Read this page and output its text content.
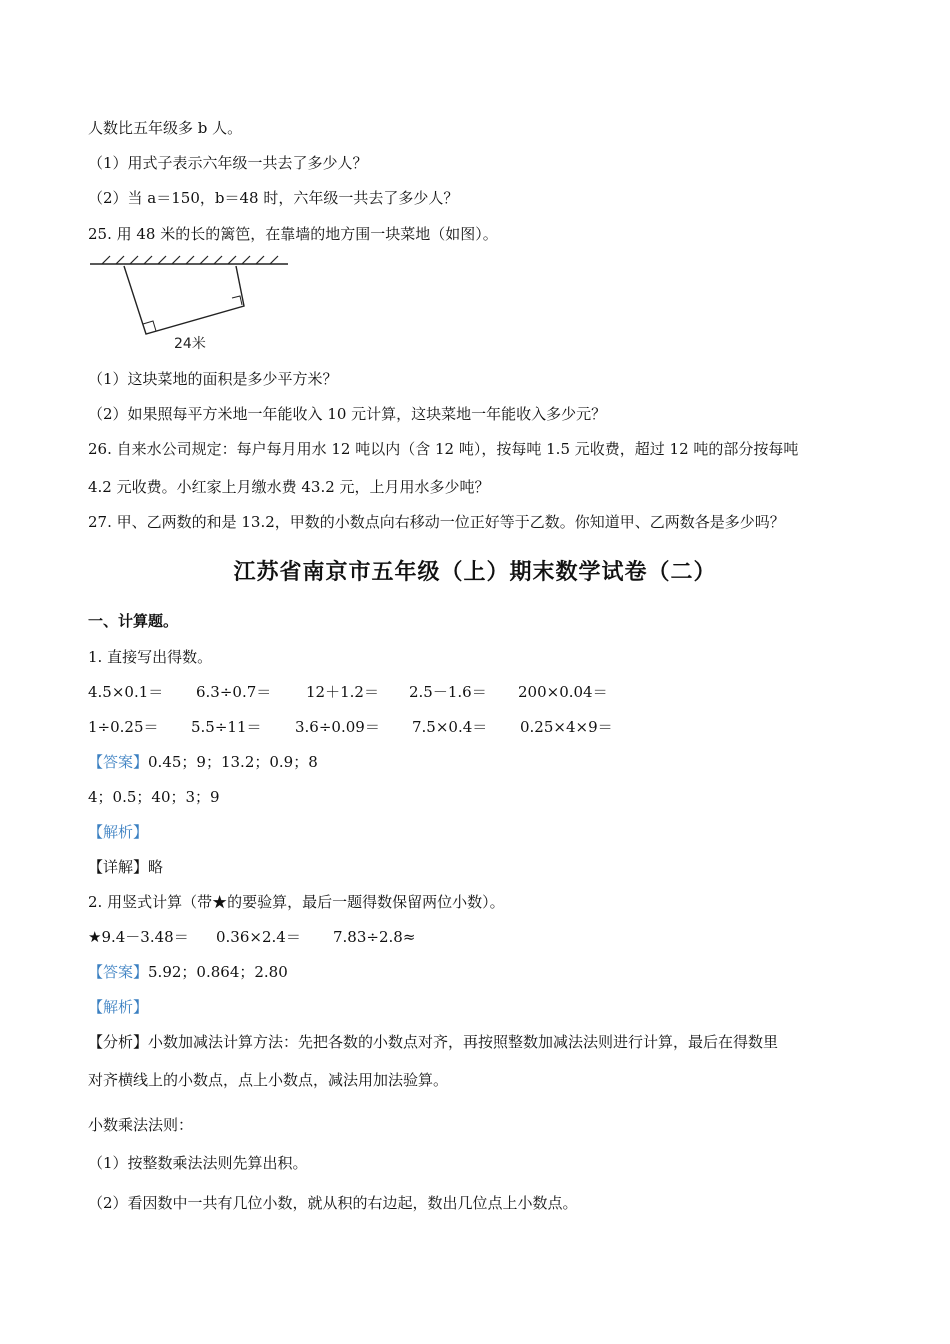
人数比五年级多 b 人。
（1）用式子表示六年级一共去了多少人？
（2）当 a＝150，b＝48 时，六年级一共去了多少人？
25. 用 48 米的长的篱笆，在靠墙的地方围一块菜地（如图）。
24米
（1）这块菜地的面积是多少平方米？
（2）如果照每平方米地一年能收入 10 元计算，这块菜地一年能收入多少元？
26. 自来水公司规定：每户每月用水 12 吨以内（含 12 吨），按每吨 1.5 元收费，超过 12 吨的部分按每吨
4.2 元收费。小红家上月缴水费 43.2 元，上月用水多少吨？
27. 甲、乙两数的和是 13.2，甲数的小数点向右移动一位正好等于乙数。你知道甲、乙两数各是多少吗？
江苏省南京市五年级（上）期末数学试卷（二）
一、计算题。
1. 直接写出得数。
4.5×0.1＝ 6.3÷0.7＝ 12＋1.2＝ 2.5－1.6＝ 200×0.04＝
1÷0.25＝ 5.5÷11＝ 3.6÷0.09＝ 7.5×0.4＝ 0.25×4×9＝
【答案】0.45；9；13.2；0.9；8
4；0.5；40；3；9
【解析】
【详解】略
2. 用竖式计算（带★的要验算，最后一题得数保留两位小数）。
★9.4－3.48＝ 0.36×2.4＝ 7.83÷2.8≈
【答案】5.92；0.864；2.80
【解析】
【分析】小数加减法计算方法：先把各数的小数点对齐，再按照整数加减法法则进行计算，最后在得数里
对齐横线上的小数点，点上小数点，减法用加法验算。
小数乘法法则：
（1）按整数乘法法则先算出积。
（2）看因数中一共有几位小数，就从积的右边起，数出几位点上小数点。
